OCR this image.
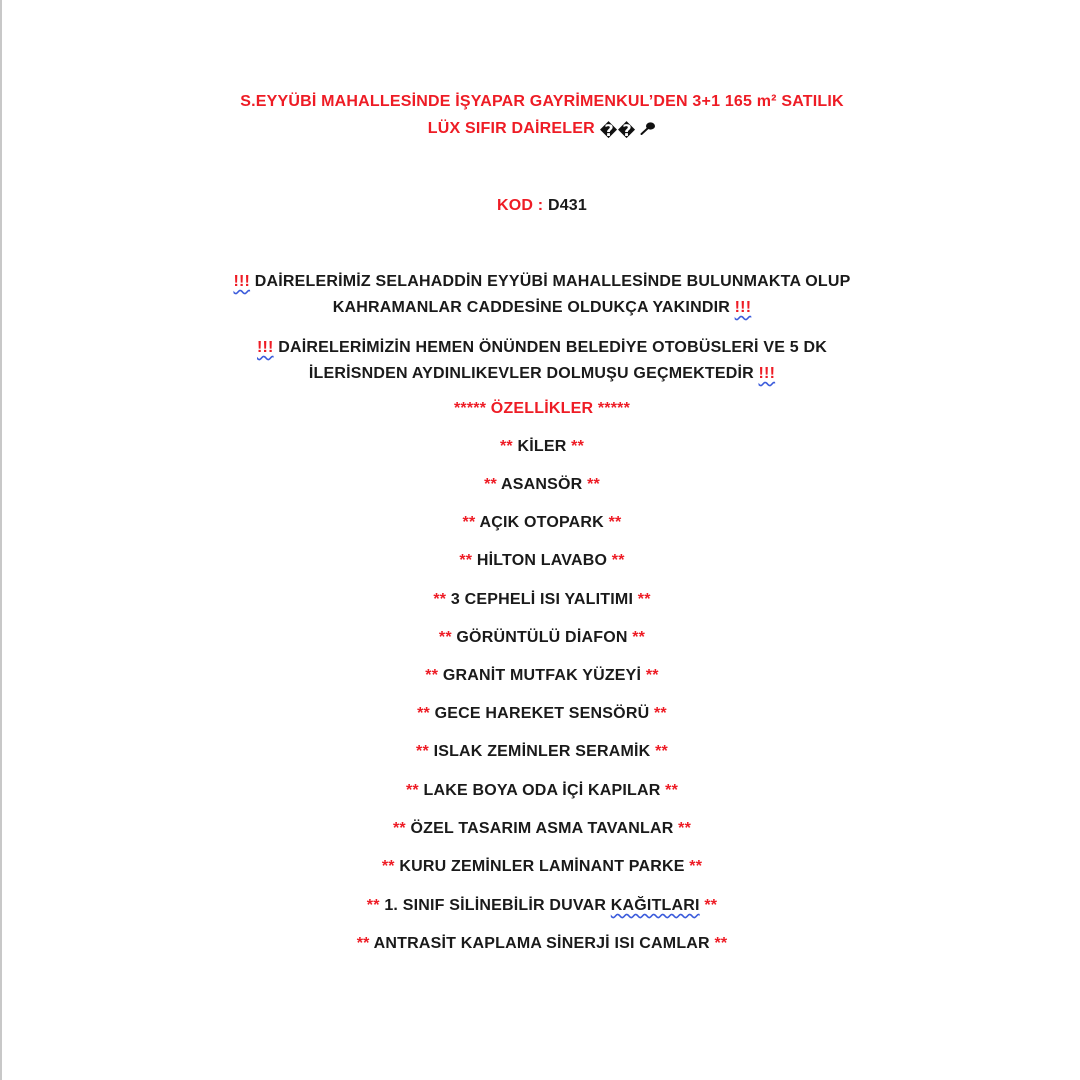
S.EYYÜBİ MAHALLESİNDE İŞYAPAR GAYRİMENKUL’DEN 3+1 165 m² SATILIK
LÜX SIFIR DAİRELER ��
KOD : D431
!!! DAİRELERİMİZ SELAHADDİN EYYÜBİ MAHALLESİNDE BULUNMAKTA OLUP
KAHRAMANLAR CADDESİNE OLDUKÇA YAKINDIR !!!
!!! DAİRELERİMİZİN HEMEN ÖNÜNDEN BELEDİYE OTOBÜSLERİ VE 5 DK
İLERİSNDEN AYDINLIKEVLER DOLMUŞU GEÇMEKTEDİR !!!
***** ÖZELLİKLER *****
** KİLER **
** ASANSÖR **
** AÇIK OTOPARK **
** HİLTON LAVABO **
** 3 CEPHELİ ISI YALITIMI **
** GÖRÜNTÜLÜ DİAFON **
** GRANİT MUTFAK YÜZEYİ **
** GECE HAREKET SENSÖRÜ **
** ISLAK ZEMİNLER SERAMİK **
** LAKE BOYA ODA İÇİ KAPILAR **
** ÖZEL TASARIM ASMA TAVANLAR **
** KURU ZEMİNLER LAMİNANT PARKE **
** 1. SINIF SİLİNEBİLİR DUVAR KAĞITLARI **
** ANTRASİT KAPLAMA SİNERJİ ISI CAMLAR **
